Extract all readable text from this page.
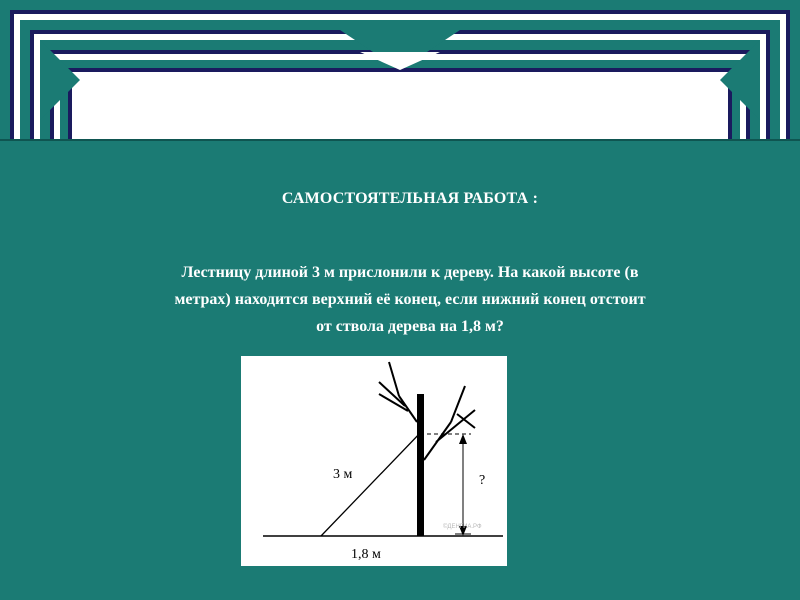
САМОСТОЯТЕЛЬНАЯ РАБОТА :
Лестницу длиной 3 м прислонили к дереву. На какой высоте (в
метрах) находится верхний её конец, если нижний конец отстоит
от ствола дерева на 1,8 м?
3 м
1,8 м
?
©ДЕНГИА.РФ
